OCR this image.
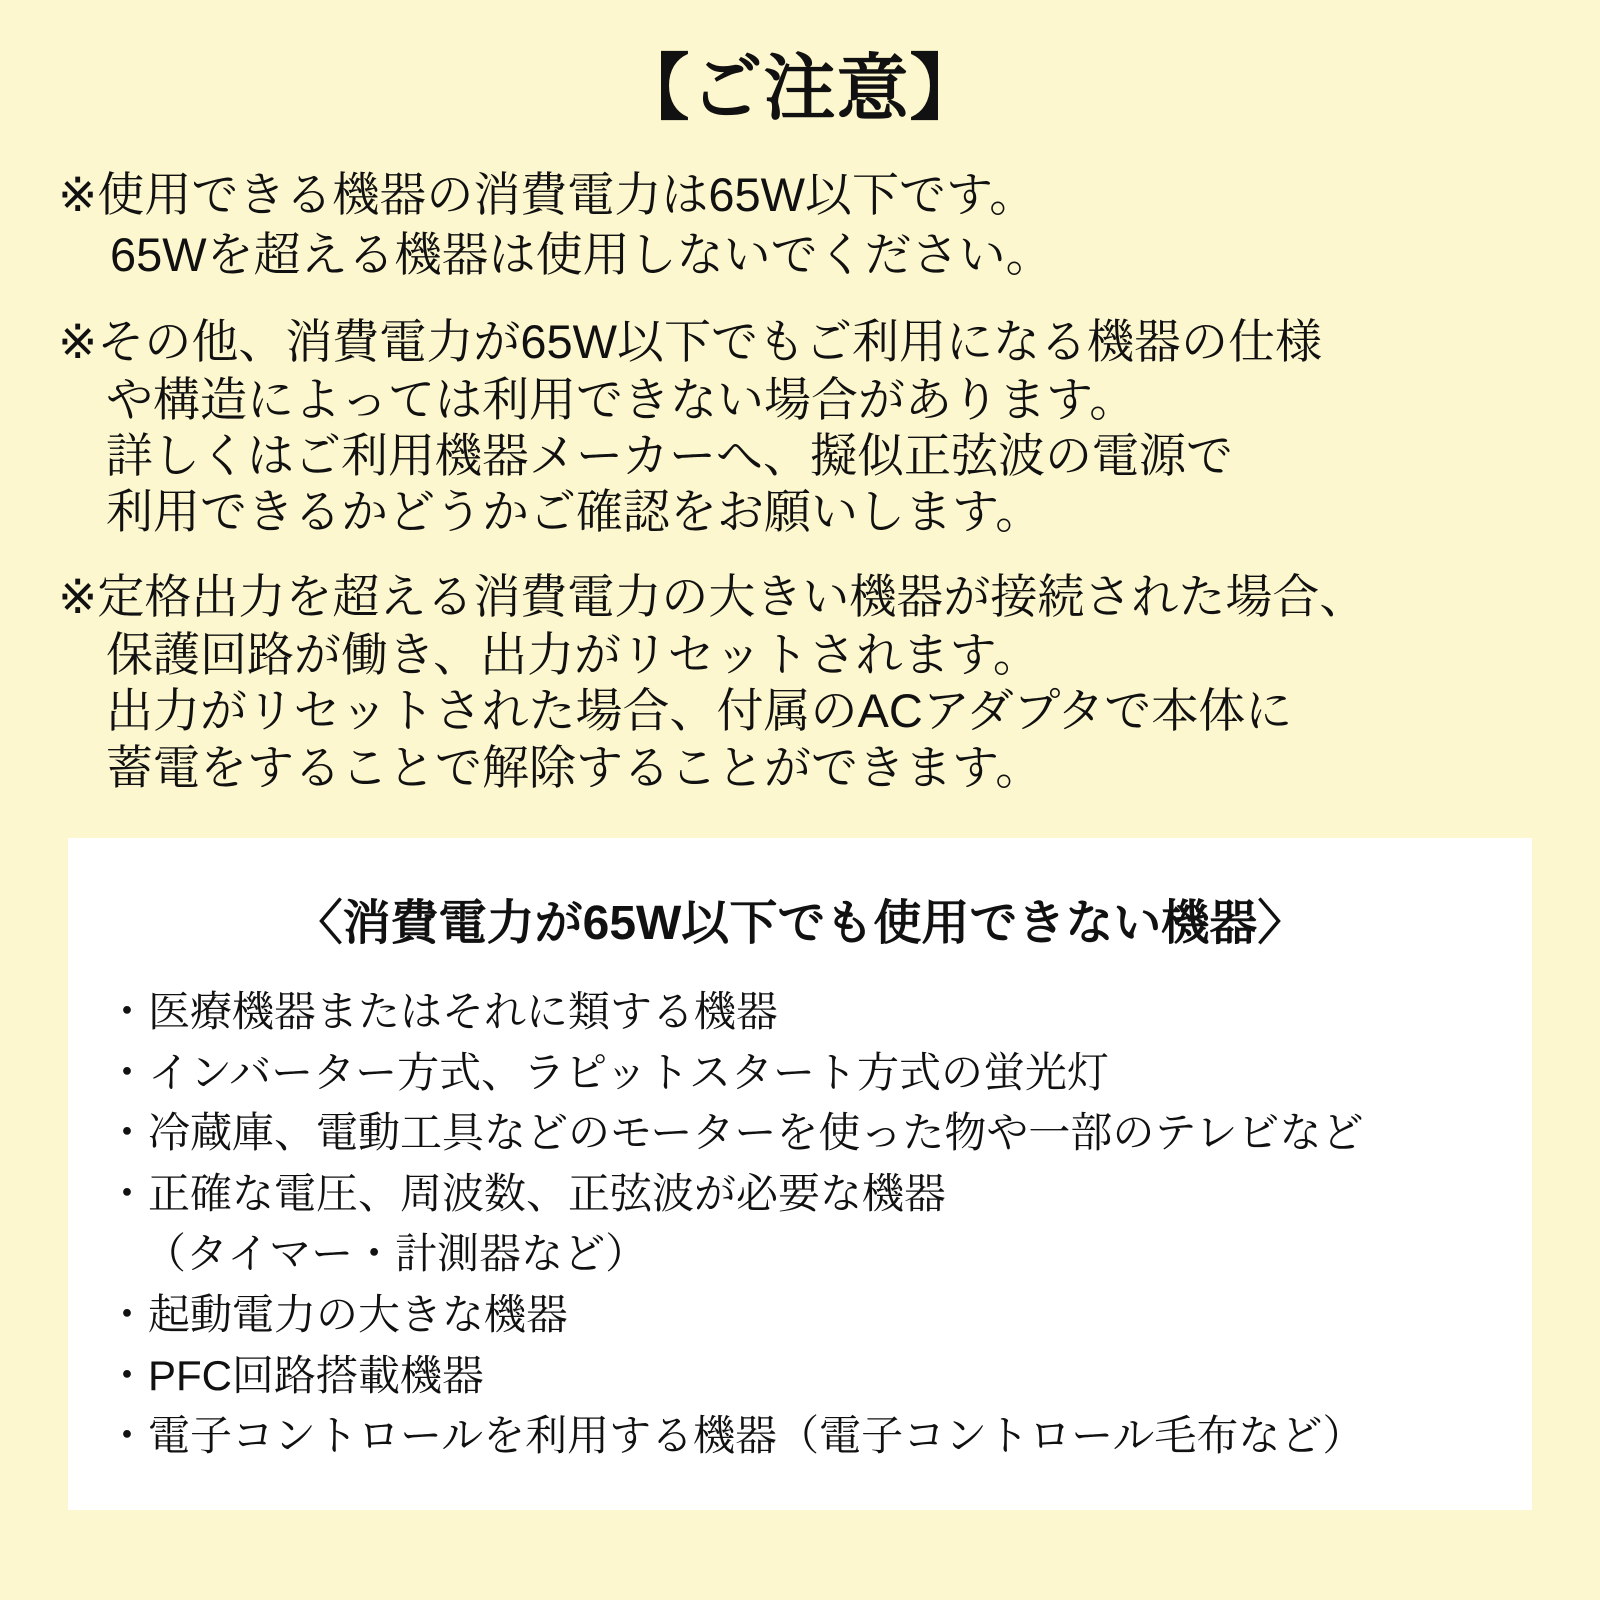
【ご注意】
※使用できる機器の消費電力は65W以下です。
65Wを超える機器は使用しないでください。
※その他、消費電力が65W以下でもご利用になる機器の仕様
や構造によっては利用できない場合があります。
詳しくはご利用機器メーカーへ、擬似正弦波の電源で
利用できるかどうかご確認をお願いします。
※定格出力を超える消費電力の大きい機器が接続された場合、
保護回路が働き、出力がリセットされます。
出力がリセットされた場合、付属のACアダプタで本体に
蓄電をすることで解除することができます。
〈消費電力が65W以下でも使用できない機器〉
・医療機器またはそれに類する機器
・インバーター方式、ラピットスタート方式の蛍光灯
・冷蔵庫、電動工具などのモーターを使った物や一部のテレビなど
・正確な電圧、周波数、正弦波が必要な機器
（タイマー・計測器など）
・起動電力の大きな機器
・PFC回路搭載機器
・電子コントロールを利用する機器（電子コントロール毛布など）
